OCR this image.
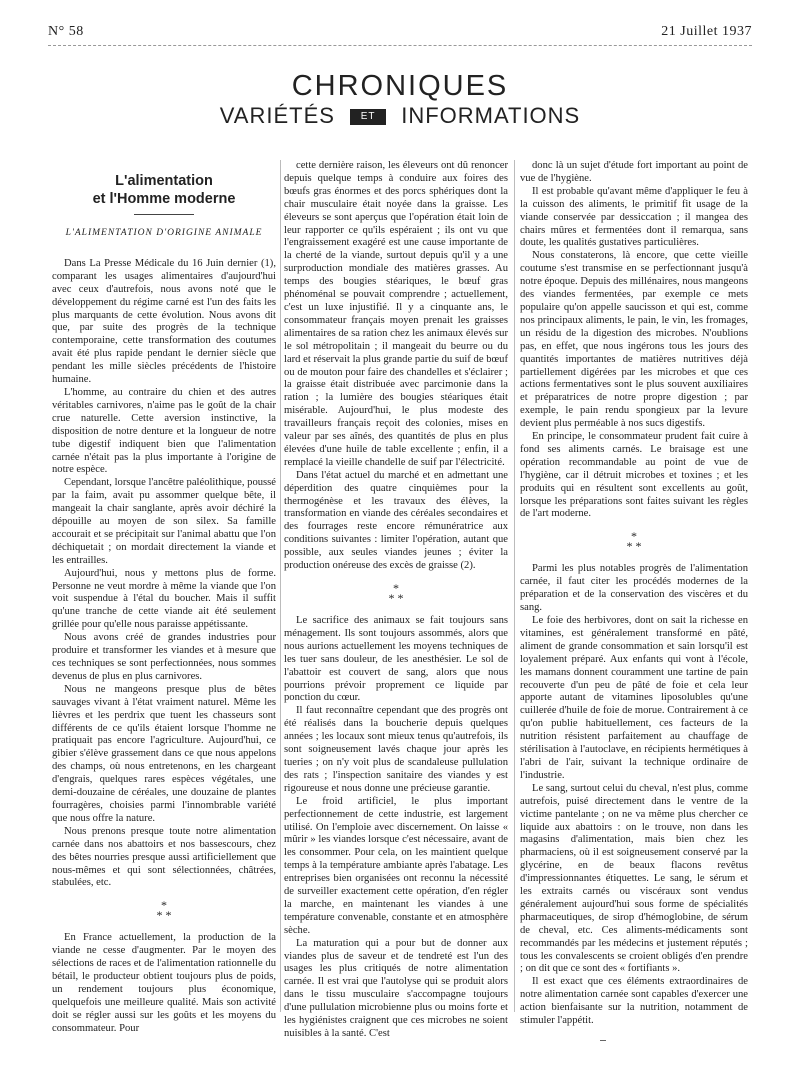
N° 58	21 Juillet 1937
CHRONIQUES
VARIÉTÉS	ET INFORMATIONS
L'alimentation
et l'Homme moderne
L'ALIMENTATION D'ORIGINE ANIMALE

Dans La Presse Médicale du 16 Juin dernier (1), comparant les usages alimentaires d'aujourd'hui avec ceux d'autrefois, nous avons noté que le développement du régime carné est l'un des faits les plus marquants de cette évolution. Nous avons dit que, par suite des progrès de la technique contemporaine, cette transformation des coutumes avait été plus rapide pendant le dernier siècle que pendant les mille siècles précédents de l'histoire humaine.

L'homme, au contraire du chien et des autres véritables carnivores, n'aime pas le goût de la chair crue naturelle. Cette aversion instinctive, la disposition de notre denture et la longueur de notre tube digestif indiquent bien que l'alimentation carnée n'était pas la plus importante à l'origine de notre espèce.

Cependant, lorsque l'ancêtre paléolithique, poussé par la faim, avait pu assommer quelque bête, il mangeait la chair sanglante, après avoir déchiré la dépouille au moyen de son silex. Sa famille accourait et se précipitait sur l'animal abattu que l'on déchiquetait ; on mordait directement la viande et les entrailles.

Aujourd'hui, nous y mettons plus de forme. Personne ne veut mordre à même la viande que l'on voit suspendue à l'étal du boucher. Mais il suffit qu'une tranche de cette viande ait été seulement grillée pour qu'elle nous paraisse appétissante.

Nous avons créé de grandes industries pour produire et transformer les viandes et à mesure que ces techniques se sont perfectionnées, nous sommes devenus de plus en plus carnivores.

Nous ne mangeons presque plus de bêtes sauvages vivant à l'état vraiment naturel. Même les lièvres et les perdrix que tuent les chasseurs sont différents de ce qu'ils étaient lorsque l'homme ne pratiquait pas encore l'agriculture. Aujourd'hui, ce gibier s'élève grassement dans ce que nous appelons des champs, où nous entretenons, en les chargeant d'engrais, quelques rares espèces végétales, une demi-douzaine de céréales, une douzaine de plantes fourragères, choisies parmi l'innombrable variété que nous offre la nature.

Nous prenons presque toute notre alimentation carnée dans nos abattoirs et nos bassescours, chez des bêtes nourries presque aussi artificiellement que nous-mêmes et qui sont sélectionnées, châtrées, stabulées, etc.

*
* *

En France actuellement, la production de la viande ne cesse d'augmenter. Par le moyen des sélections de races et de l'alimentation rationnelle du bétail, le producteur obtient toujours plus de poids, un rendement toujours plus économique, quelquefois une meilleure qualité. Mais son activité doit se régler aussi sur les goûts et les moyens du consommateur. Pour

cette dernière raison, les éleveurs ont dû renoncer depuis quelque temps à conduire aux foires des bœufs gras énormes et des porcs sphériques dont la chair musculaire était noyée dans la graisse. Les éleveurs se sont aperçus que l'opération était loin de leur rapporter ce qu'ils espéraient ; ils ont vu que l'engraissement exagéré est une cause importante de la cherté de la viande, surtout depuis qu'il y a une surproduction mondiale des matières grasses. Au temps des bougies stéariques, le bœuf gras phénoménal se pouvait comprendre ; actuellement, c'est un luxe injustifié. Il y a cinquante ans, le consommateur français moyen prenait les graisses alimentaires de sa ration chez les animaux élevés sur le sol métropolitain ; il mangeait du beurre ou du lard et réservait la plus grande partie du suif de bœuf ou de mouton pour faire des chandelles et s'éclairer ; la graisse était distribuée avec parcimonie dans la ration ; la lumière des bougies stéariques était misérable. Aujourd'hui, le plus modeste des travailleurs français reçoit des colonies, mises en valeur par ses aînés, des quantités de plus en plus élevées d'une huile de table excellente ; enfin, il a remplacé la vieille chandelle de suif par l'électricité.

Dans l'état actuel du marché et en admettant une déperdition des quatre cinquièmes pour la thermogénèse et les travaux des élèves, la transformation en viande des céréales secondaires et des fourrages reste encore rémunératrice aux conditions suivantes : limiter l'opération, autant que possible, aux seules viandes jeunes ; éviter la production onéreuse des excès de graisse (2).

*
* *

Le sacrifice des animaux se fait toujours sans ménagement. Ils sont toujours assommés, alors que nous aurions actuellement les moyens techniques de les tuer sans douleur, de les anesthésier. Le sol de l'abattoir est couvert de sang, alors que nous pourrions prévoir proprement ce liquide par ponction du cœur.

Il faut reconnaître cependant que des progrès ont été réalisés dans la boucherie depuis quelques années ; les locaux sont mieux tenus qu'autrefois, ils sont soigneusement lavés chaque jour après les tueries ; on n'y voit plus de scandaleuse pullulation des rats ; l'inspection sanitaire des viandes y est rigoureuse et nous donne une précieuse garantie.

Le froid artificiel, le plus important perfectionnement de cette industrie, est largement utilisé. On l'emploie avec discernement. On laisse « mûrir » les viandes lorsque c'est nécessaire, avant de les consommer. Pour cela, on les maintient quelque temps à la température ambiante après l'abatage. Les entreprises bien organisées ont reconnu la nécessité de surveiller exactement cette opération, d'en régler la marche, en maintenant les viandes à une température convenable, constante et en atmosphère sèche.

La maturation qui a pour but de donner aux viandes plus de saveur et de tendreté est l'un des usages les plus critiqués de notre alimentation carnée. Il est vrai que l'autolyse qui se produit alors dans le tissu musculaire s'accompagne toujours d'une pullulation microbienne plus ou moins forte et les hygiénistes craignent que ces microbes ne soient nuisibles à la santé. C'est

donc là un sujet d'étude fort important au point de vue de l'hygiène.

Il est probable qu'avant même d'appliquer le feu à la cuisson des aliments, le primitif fit usage de la viande conservée par dessiccation ; il mangea des chairs mûres et fermentées dont il remarqua, sans doute, les qualités gustatives particulières.

Nous constaterons, là encore, que cette vieille coutume s'est transmise en se perfectionnant jusqu'à notre époque. Depuis des millénaires, nous mangeons des viandes fermentées, par exemple ce mets populaire qu'on appelle saucisson et qui est, comme nos principaux aliments, le pain, le vin, les fromages, un résidu de la digestion des microbes. N'oublions pas, en effet, que nous ingérons tous les jours des quantités importantes de matières nutritives déjà partiellement digérées par les microbes et que ces actions fermentatives sont le plus souvent auxiliaires et préparatrices de notre propre digestion ; par exemple, le pain rendu spongieux par la levure devient plus perméable à nos sucs digestifs.

En principe, le consommateur prudent fait cuire à fond ses aliments carnés. Le braisage est une opération recommandable au point de vue de l'hygiène, car il détruit microbes et toxines ; et les produits qui en résultent sont excellents au goût, lorsque les préparations sont faites suivant les règles de l'art moderne.

*
* *

Parmi les plus notables progrès de l'alimentation carnée, il faut citer les procédés modernes de la préparation et de la conservation des viscères et du sang.

Le foie des herbivores, dont on sait la richesse en vitamines, est généralement transformé en pâté, aliment de grande consommation et sain lorsqu'il est loyalement préparé. Aux enfants qui vont à l'école, les mamans donnent couramment une tartine de pain recouverte d'un peu de pâté de foie et cela leur apporte autant de vitamines liposolubles qu'une cuillerée d'huile de foie de morue. Contrairement à ce qu'on publie habituellement, ces facteurs de la nutrition résistent parfaitement au chauffage de stérilisation à l'autoclave, en récipients hermétiques à l'abri de l'air, suivant la technique ordinaire de l'industrie.

Le sang, surtout celui du cheval, n'est plus, comme autrefois, puisé directement dans le ventre de la victime pantelante ; on ne va même plus chercher ce liquide aux abattoirs : on le trouve, non dans les magasins d'alimentation, mais bien chez les pharmaciens, où il est soigneusement conservé par la glycérine, en de beaux flacons revêtus d'impressionnantes étiquettes. Le sang, le sérum et les extraits carnés ou viscéraux sont vendus généralement aujourd'hui sous forme de spécialités pharmaceutiques, de sirop d'hémoglobine, de sérum de cheval, etc. Ces aliments-médicaments sont recommandés par les médecins et justement réputés ; tous les convalescents se croient obligés d'en prendre ; on dit que ce sont des « fortifiants ».

Il est exact que ces éléments extraordinaires de notre alimentation carnée sont capables d'exercer une action bienfaisante sur la nutrition, notamment de stimuler l'appétit.
